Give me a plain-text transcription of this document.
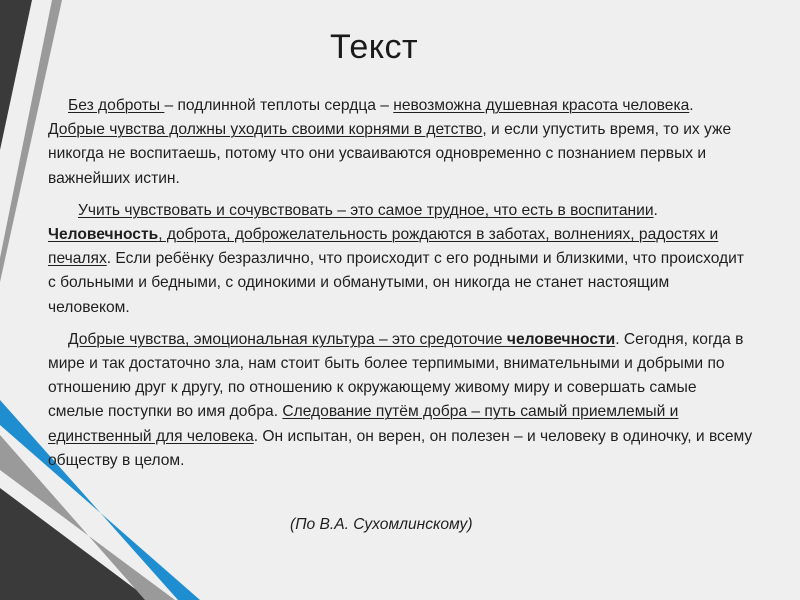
Текст

Без доброты – подлинной теплоты сердца – невозможна душевная красота человека. Добрые чувства должны уходить своими корнями в детство, и если упустить время, то их уже никогда не воспитаешь, потому что они усваиваются одновременно с познанием первых и важнейших истин.

Учить чувствовать и сочувствовать – это самое трудное, что есть в воспитании. Человечность, доброта, доброжелательность рождаются в заботах, волнениях, радостях и печалях. Если ребёнку безразлично, что происходит с его родными и близкими, что происходит с больными и бедными, с одинокими и обманутыми, он никогда не станет настоящим человеком.

Добрые чувства, эмоциональная культура – это средоточие человечности. Сегодня, когда в мире и так достаточно зла, нам стоит быть более терпимыми, внимательными и добрыми по отношению друг к другу, по отношению к окружающему живому миру и совершать самые смелые поступки во имя добра. Следование путём добра – путь самый приемлемый и единственный для человека. Он испытан, он верен, он полезен – и человеку в одиночку, и всему обществу в целом.

(По В.А. Сухомлинскому)
